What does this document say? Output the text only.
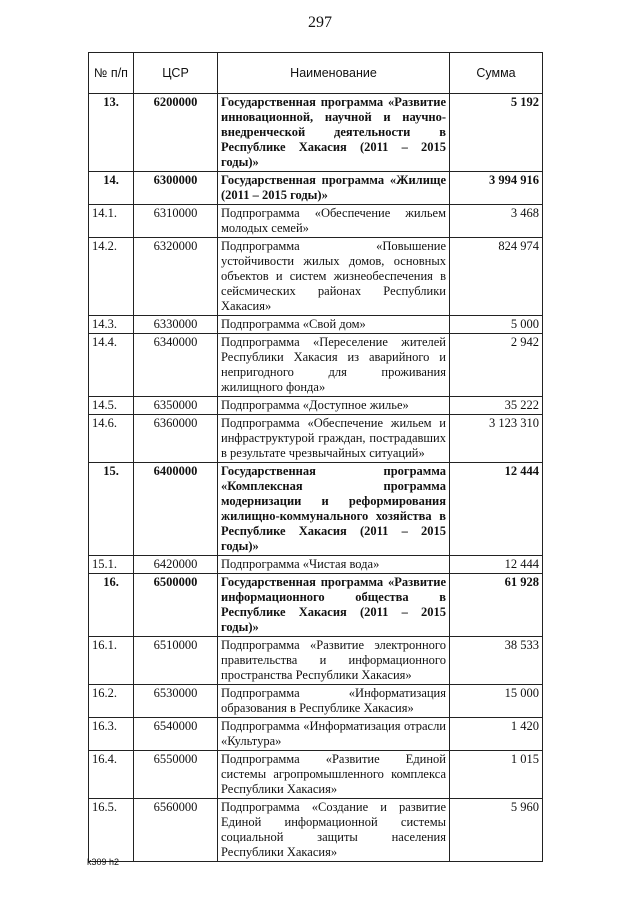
297
№ п/п	ЦСР	Наименование	Сумма
13.	6200000	Государственная программа «Развитие инновационной, научной и научно-внедренческой деятельности в Республике Хакасия (2011 – 2015 годы)»	5 192
14.	6300000	Государственная программа «Жилище (2011 – 2015 годы)»	3 994 916
14.1.	6310000	Подпрограмма «Обеспечение жильем молодых семей»	3 468
14.2.	6320000	Подпрограмма «Повышение устойчивости жилых домов, основных объектов и систем жизнеобеспечения в сейсмических районах Республики Хакасия»	824 974
14.3.	6330000	Подпрограмма «Свой дом»	5 000
14.4.	6340000	Подпрограмма «Переселение жителей Республики Хакасия из аварийного и непригодного для проживания жилищного фонда»	2 942
14.5.	6350000	Подпрограмма «Доступное жилье»	35 222
14.6.	6360000	Подпрограмма «Обеспечение жильем и инфраструктурой граждан, пострадавших в результате чрезвычайных ситуаций»	3 123 310
15.	6400000	Государственная программа «Комплексная программа модернизации и реформирования жилищно-коммунального хозяйства в Республике Хакасия (2011 – 2015 годы)»	12 444
15.1.	6420000	Подпрограмма «Чистая вода»	12 444
16.	6500000	Государственная программа «Развитие информационного общества в Республике Хакасия (2011 – 2015 годы)»	61 928
16.1.	6510000	Подпрограмма «Развитие электронного правительства и информационного пространства Республики Хакасия»	38 533
16.2.	6530000	Подпрограмма «Информатизация образования в Республике Хакасия»	15 000
16.3.	6540000	Подпрограмма «Информатизация отрасли «Культура»	1 420
16.4.	6550000	Подпрограмма «Развитие Единой системы агропромышленного комплекса Республики Хакасия»	1 015
16.5.	6560000	Подпрограмма «Создание и развитие Единой информационной системы социальной защиты населения Республики Хакасия»	5 960
k309 h2
